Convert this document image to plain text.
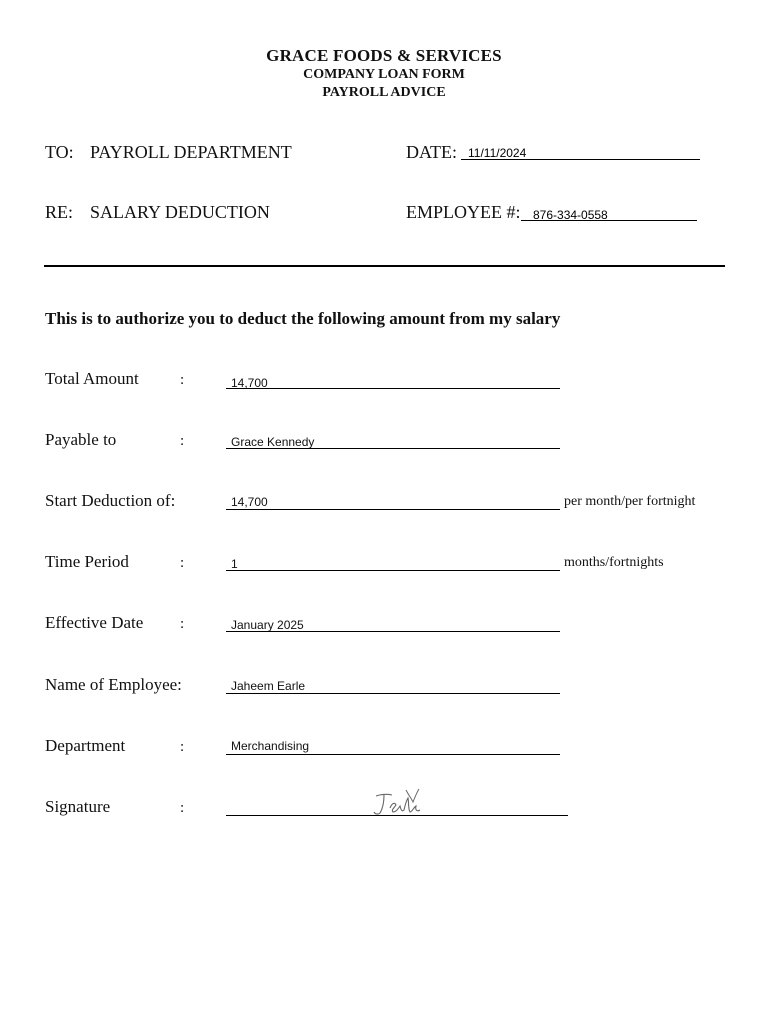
GRACE FOODS & SERVICES
COMPANY LOAN FORM
PAYROLL ADVICE
TO: PAYROLL DEPARTMENT	DATE: 11/11/2024
RE: SALARY DEDUCTION	EMPLOYEE #: 876-334-0558
This is to authorize you to deduct the following amount from my salary
Total Amount	:	14,700
Payable to	:	Grace Kennedy
Start Deduction of:	14,700	per month/per fortnight
Time Period	:	1	months/fortnights
Effective Date :	January 2025
Name of Employee:	Jaheem Earle
Department	:	Merchandising
Signature	:
